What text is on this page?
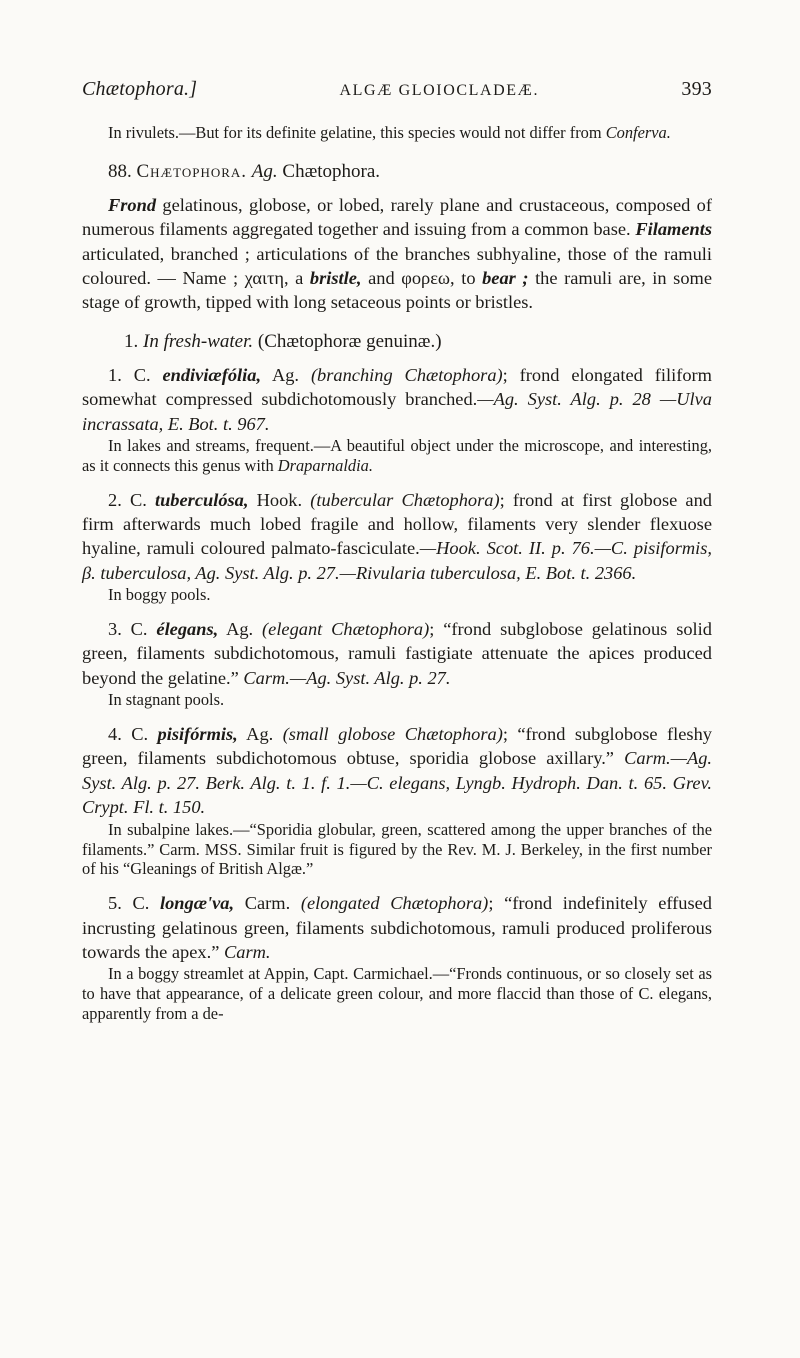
Chætophora.]	ALGÆ GLOIOCLADEÆ.	393

In rivulets.—But for its definite gelatine, this species would not differ from Conferva.

88. Chætophora. Ag. Chætophora.

Frond gelatinous, globose, or lobed, rarely plane and crustaceous, composed of numerous filaments aggregated together and issuing from a common base. Filaments articulated, branched ; articulations of the branches subhyaline, those of the ramuli coloured. — Name ; χαιτη, a bristle, and φορεω, to bear ; the ramuli are, in some stage of growth, tipped with long setaceous points or bristles.

1. In fresh-water. (Chætophoræ genuinæ.)

1. C. endiviæfólia, Ag. (branching Chætophora); frond elongated filiform somewhat compressed subdichotomously branched.—Ag. Syst. Alg. p. 28 —Ulva incrassata, E. Bot. t. 967.

In lakes and streams, frequent.—A beautiful object under the microscope, and interesting, as it connects this genus with Draparnaldia.

2. C. tuberculósa, Hook. (tubercular Chætophora); frond at first globose and firm afterwards much lobed fragile and hollow, filaments very slender flexuose hyaline, ramuli coloured palmato-fasciculate.—Hook. Scot. II. p. 76.—C. pisiformis, β. tuberculosa, Ag. Syst. Alg. p. 27.—Rivularia tuberculosa, E. Bot. t. 2366.

In boggy pools.

3. C. élegans, Ag. (elegant Chætophora); “frond subglobose gelatinous solid green, filaments subdichotomous, ramuli fastigiate attenuate the apices produced beyond the gelatine.” Carm.—Ag. Syst. Alg. p. 27.

In stagnant pools.

4. C. pisifórmis, Ag. (small globose Chætophora); “frond subglobose fleshy green, filaments subdichotomous obtuse, sporidia globose axillary.” Carm.—Ag. Syst. Alg. p. 27. Berk. Alg. t. 1. f. 1.—C. elegans, Lyngb. Hydroph. Dan. t. 65. Grev. Crypt. Fl. t. 150.

In subalpine lakes.—“Sporidia globular, green, scattered among the upper branches of the filaments.” Carm. MSS. Similar fruit is figured by the Rev. M. J. Berkeley, in the first number of his “Gleanings of British Algæ.”

5. C. longæ'va, Carm. (elongated Chætophora); “frond indefinitely effused incrusting gelatinous green, filaments subdichotomous, ramuli produced proliferous towards the apex.” Carm.

In a boggy streamlet at Appin, Capt. Carmichael.—“Fronds continuous, or so closely set as to have that appearance, of a delicate green colour, and more flaccid than those of C. elegans, apparently from a de-
